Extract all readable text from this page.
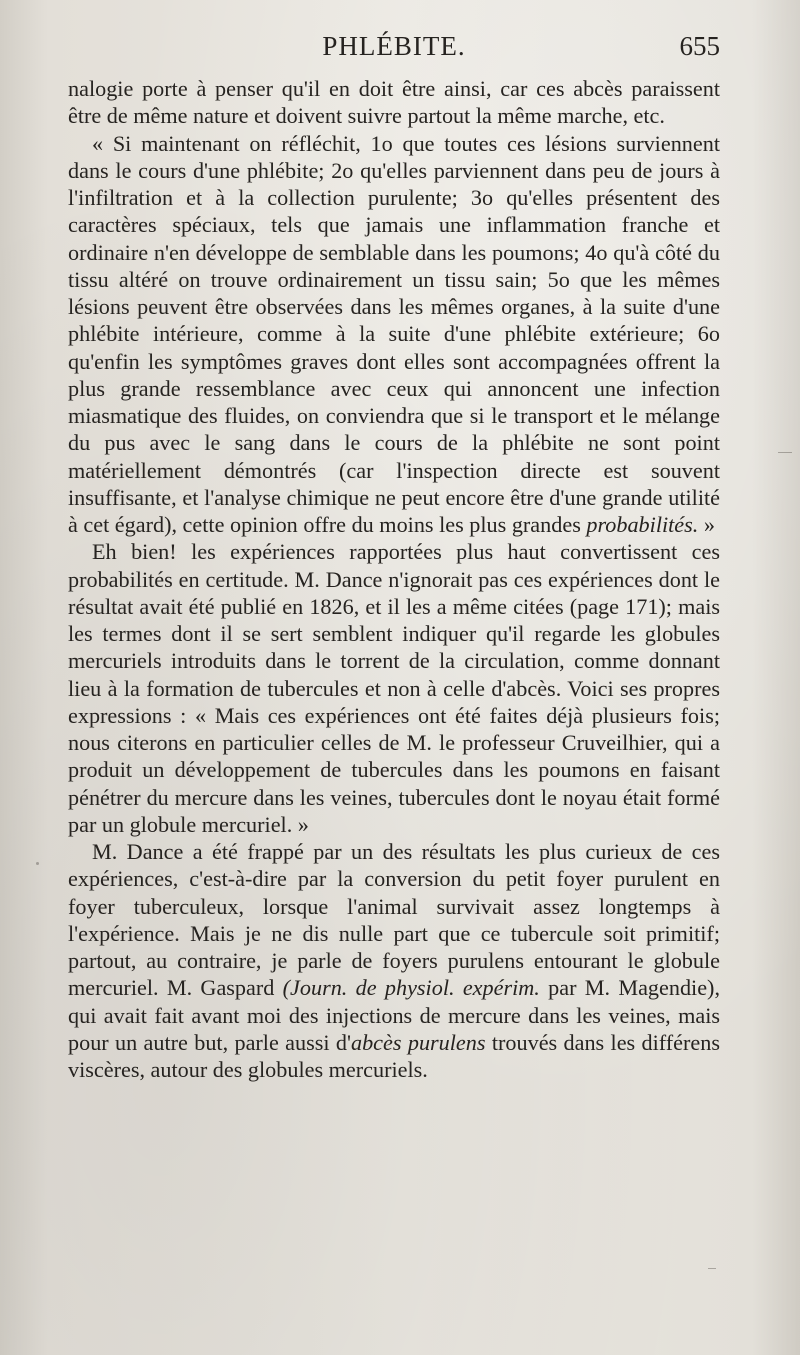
PHLÉBITE.	655

nalogie porte à penser qu'il en doit être ainsi, car ces abcès paraissent être de même nature et doivent suivre partout la même marche, etc.

« Si maintenant on réfléchit, 1o que toutes ces lésions surviennent dans le cours d'une phlébite; 2o qu'elles parviennent dans peu de jours à l'infiltration et à la collection purulente; 3o qu'elles présentent des caractères spéciaux, tels que jamais une inflammation franche et ordinaire n'en développe de semblable dans les poumons; 4o qu'à côté du tissu altéré on trouve ordinairement un tissu sain; 5o que les mêmes lésions peuvent être observées dans les mêmes organes, à la suite d'une phlébite intérieure, comme à la suite d'une phlébite extérieure; 6o qu'enfin les symptômes graves dont elles sont accompagnées offrent la plus grande ressemblance avec ceux qui annoncent une infection miasmatique des fluides, on conviendra que si le transport et le mélange du pus avec le sang dans le cours de la phlébite ne sont point matériellement démontrés (car l'inspection directe est souvent insuffisante, et l'analyse chimique ne peut encore être d'une grande utilité à cet égard), cette opinion offre du moins les plus grandes probabilités. »

Eh bien! les expériences rapportées plus haut convertissent ces probabilités en certitude. M. Dance n'ignorait pas ces expériences dont le résultat avait été publié en 1826, et il les a même citées (page 171); mais les termes dont il se sert semblent indiquer qu'il regarde les globules mercuriels introduits dans le torrent de la circulation, comme donnant lieu à la formation de tubercules et non à celle d'abcès. Voici ses propres expressions : « Mais ces expériences ont été faites déjà plusieurs fois; nous citerons en particulier celles de M. le professeur Cruveilhier, qui a produit un développement de tubercules dans les poumons en faisant pénétrer du mercure dans les veines, tubercules dont le noyau était formé par un globule mercuriel. »

M. Dance a été frappé par un des résultats les plus curieux de ces expériences, c'est-à-dire par la conversion du petit foyer purulent en foyer tuberculeux, lorsque l'animal survivait assez longtemps à l'expérience. Mais je ne dis nulle part que ce tubercule soit primitif; partout, au contraire, je parle de foyers purulens entourant le globule mercuriel. M. Gaspard (Journ. de physiol. expérim. par M. Magendie), qui avait fait avant moi des injections de mercure dans les veines, mais pour un autre but, parle aussi d'abcès purulens trouvés dans les différens viscères, autour des globules mercuriels.
